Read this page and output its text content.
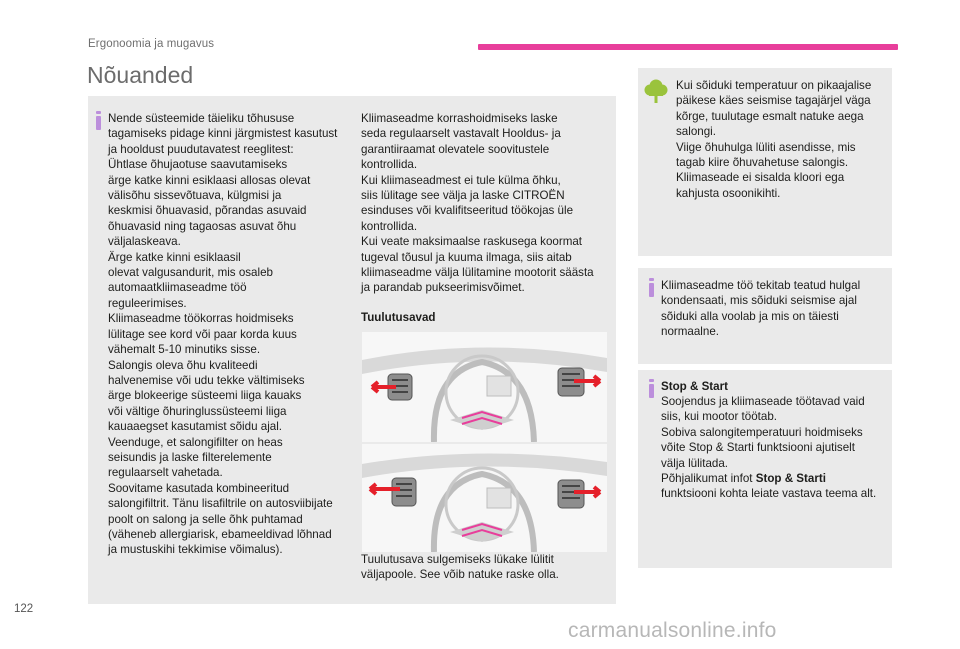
Ergonoomia ja mugavus
Nõuanded
Nende süsteemide täieliku tõhususe
tagamiseks pidage kinni järgmistest kasutust
ja hooldust puudutavatest reeglitest:
Ühtlase õhujaotuse saavutamiseks
ärge katke kinni esiklaasi allosas olevat
välisõhu sissevõtuava, külgmisi ja
keskmisi õhuavasid, põrandas asuvaid
õhuavasid ning tagaosas asuvat õhu
väljalaskeava.
Ärge katke kinni esiklaasil
olevat valgusandurit, mis osaleb
automaatkliimaseadme töö
reguleerimises.
Kliimaseadme töökorras hoidmiseks
lülitage see kord või paar korda kuus
vähemalt 5-10 minutiks sisse.
Salongis oleva õhu kvaliteedi
halvenemise või udu tekke vältimiseks
ärge blokeerige süsteemi liiga kauaks
või vältige õhuringlussüsteemi liiga
kauaaegset kasutamist sõidu ajal.
Veenduge, et salongifilter on heas
seisundis ja laske filterelemente
regulaarselt vahetada.
Soovitame kasutada kombineeritud
salongifiltrit. Tänu lisafiltrile on autosviibijate
poolt on salong ja selle õhk puhtamad
(väheneb allergiarisk, ebameeldivad lõhnad
ja mustuskihi tekkimise võimalus).
Kliimaseadme korrashoidmiseks laske
seda regulaarselt vastavalt Hooldus- ja
garantiiraamat olevatele soovitustele
kontrollida.
Kui kliimaseadmest ei tule külma õhku,
siis lülitage see välja ja laske CITROËN
esinduses või kvalifitseeritud töökojas üle
kontrollida.
Kui veate maksimaalse raskusega koormat
tugeval tõusul ja kuuma ilmaga, siis aitab
kliimaseadme välja lülitamine mootorit säästa
ja parandab pukseerimisvõimet.
Tuulutusavad
Tuulutusava sulgemiseks lükake lülitit
väljapoole. See võib natuke raske olla.
Kui sõiduki temperatuur on pikaajalise
päikese käes seismise tagajärjel väga
kõrge, tuulutage esmalt natuke aega
salongi.
Viige õhuhulga lüliti asendisse, mis
tagab kiire õhuvahetuse salongis.
Kliimaseade ei sisalda kloori ega
kahjusta osoonikihti.
Kliimaseadme töö tekitab teatud hulgal
kondensaati, mis sõiduki seismise ajal
sõiduki alla voolab ja mis on täiesti
normaalne.
Stop & Start
Soojendus ja kliimaseade töötavad vaid
siis, kui mootor töötab.
Sobiva salongitemperatuuri hoidmiseks
võite Stop & Starti funktsiooni ajutiselt
välja lülitada.
Põhjalikumat infot Stop & Starti
funktsiooni kohta leiate vastava teema alt.
122
carmanualsonline.info
